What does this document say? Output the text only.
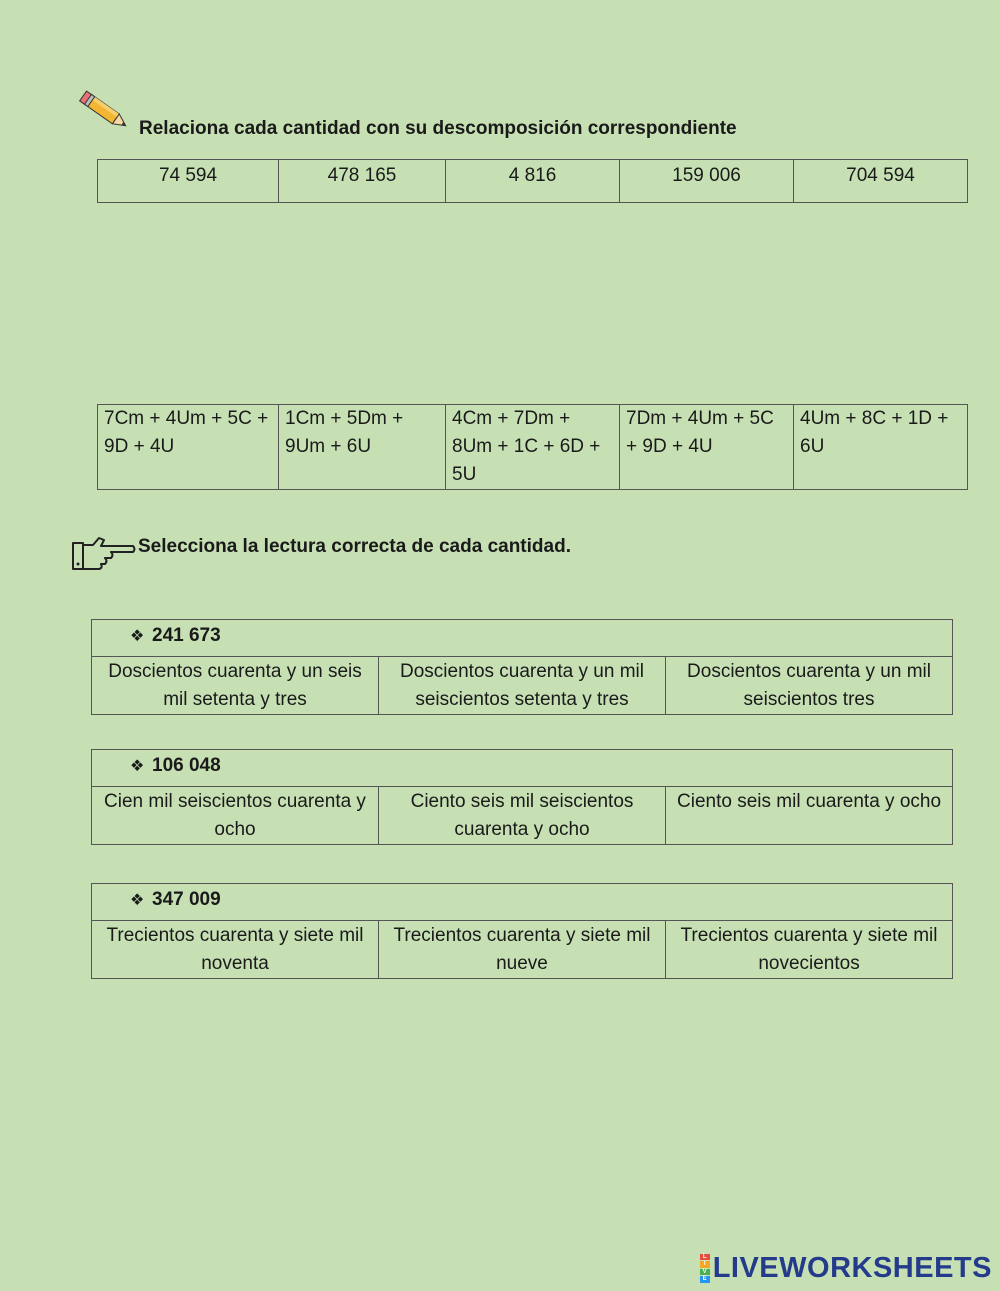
Relaciona cada cantidad con su descomposición correspondiente
74 594	478 165	4 816	159 006	704 594
7Cm + 4Um + 5C + 9D + 4U	1Cm + 5Dm + 9Um + 6U	4Cm + 7Dm + 8Um + 1C + 6D + 5U	7Dm + 4Um + 5C + 9D + 4U	4Um + 8C + 1D + 6U
Selecciona la lectura correcta de cada cantidad.
❖ 241 673
Doscientos cuarenta y un seis mil setenta y tres	Doscientos cuarenta y un mil seiscientos setenta y tres	Doscientos cuarenta y un mil seiscientos tres
❖ 106 048
Cien mil seiscientos cuarenta y ocho	Ciento seis mil seiscientos cuarenta y ocho	Ciento seis mil cuarenta y ocho
❖ 347 009
Trecientos cuarenta y siete mil noventa	Trecientos cuarenta y siete mil nueve	Trecientos cuarenta y siete mil novecientos
L
I
V
E LIVEWORKSHEETS
